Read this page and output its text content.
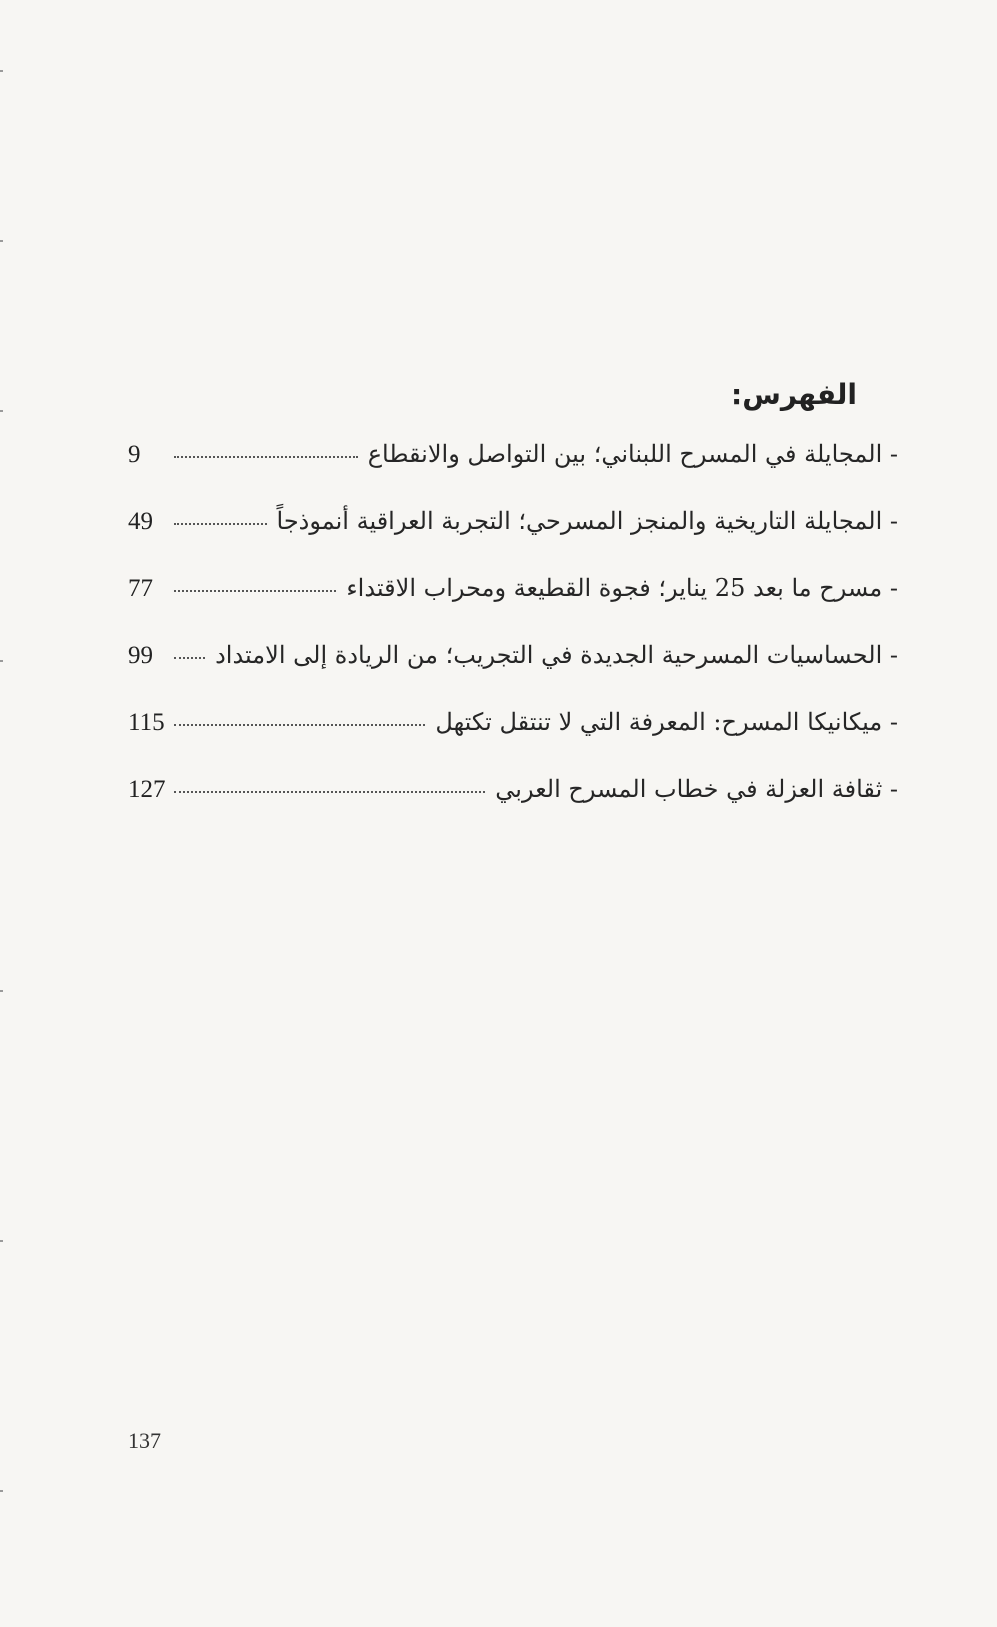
الفهرس:
9	- المجايلة في المسرح اللبناني؛ بين التواصل والانقطاع
49	- المجايلة التاريخية والمنجز المسرحي؛ التجربة العراقية أنموذجاً
77	- مسرح ما بعد 25 يناير؛ فجوة القطيعة ومحراب الاقتداء
99	- الحساسيات المسرحية الجديدة في التجريب؛ من الريادة إلى الامتداد
115	- ميكانيكا المسرح: المعرفة التي لا تنتقل تكتهل
127	- ثقافة العزلة في خطاب المسرح العربي

137
